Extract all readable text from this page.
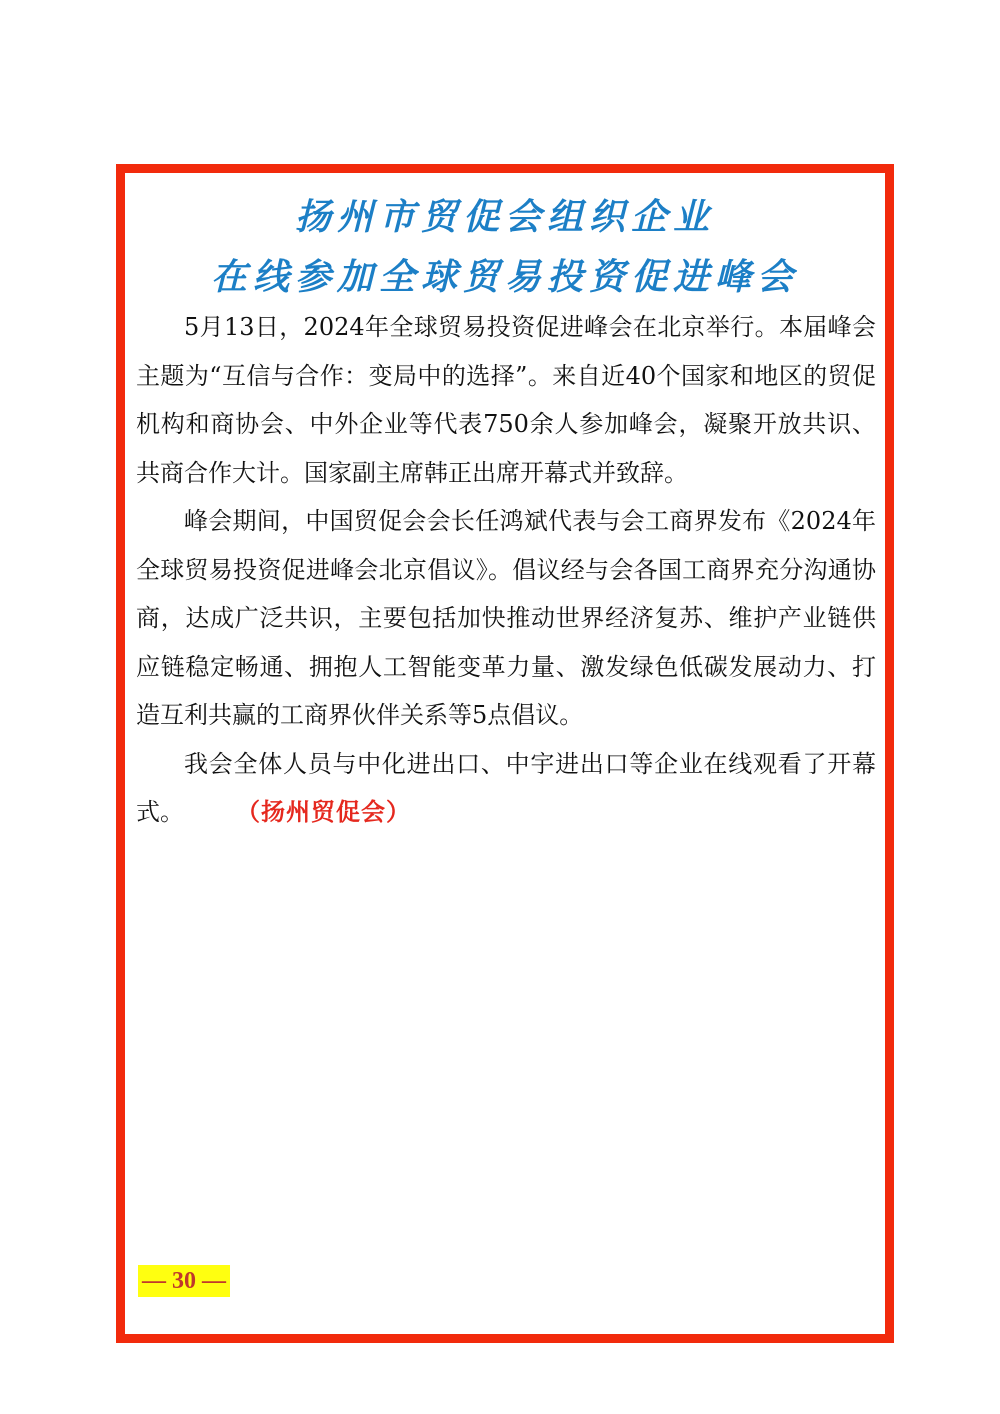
扬州市贸促会组织企业
在线参加全球贸易投资促进峰会

5月13日，2024年全球贸易投资促进峰会在北京举行。本届峰会主题为“互信与合作：变局中的选择”。来自近40个国家和地区的贸促机构和商协会、中外企业等代表750余人参加峰会，凝聚开放共识、共商合作大计。国家副主席韩正出席开幕式并致辞。

峰会期间，中国贸促会会长任鸿斌代表与会工商界发布《2024年全球贸易投资促进峰会北京倡议》。倡议经与会各国工商界充分沟通协商，达成广泛共识，主要包括加快推动世界经济复苏、维护产业链供应链稳定畅通、拥抱人工智能变革力量、激发绿色低碳发展动力、打造互利共赢的工商界伙伴关系等5点倡议。

我会全体人员与中化进出口、中宇进出口等企业在线观看了开幕式。	（扬州贸促会）

— 30 —
